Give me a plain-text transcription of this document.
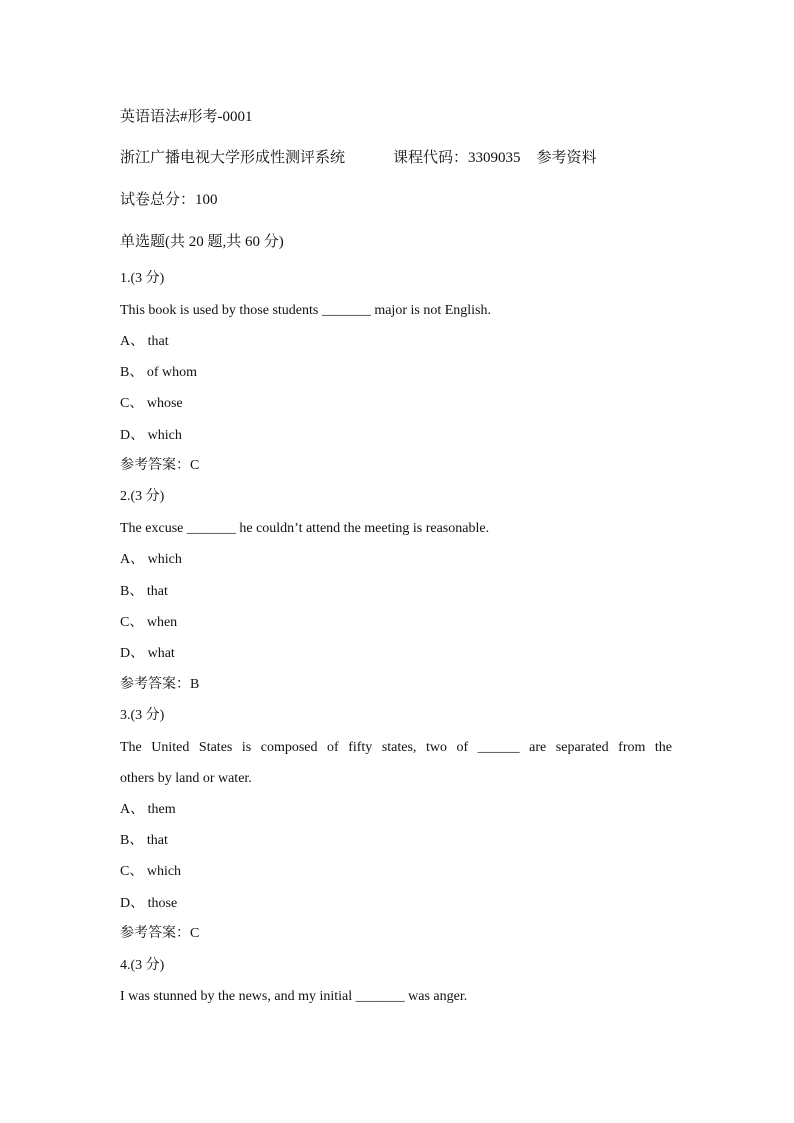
英语语法#形考-0001
浙江广播电视大学形成性测评系统	课程代码：3309035 参考资料
试卷总分：100
单选题(共 20 题,共 60 分)
1.(3 分)
This book is used by those students _______ major is not English.
A、 that
B、 of whom
C、 whose
D、 which
参考答案：C
2.(3 分)
The excuse _______ he couldn’t attend the meeting is reasonable.
A、 which
B、 that
C、 when
D、 what
参考答案：B
3.(3 分)
The United States is composed of fifty states, two of ______ are separated from the
others by land or water.
A、 them
B、 that
C、 which
D、 those
参考答案：C
4.(3 分)
I was stunned by the news, and my initial _______ was anger.
